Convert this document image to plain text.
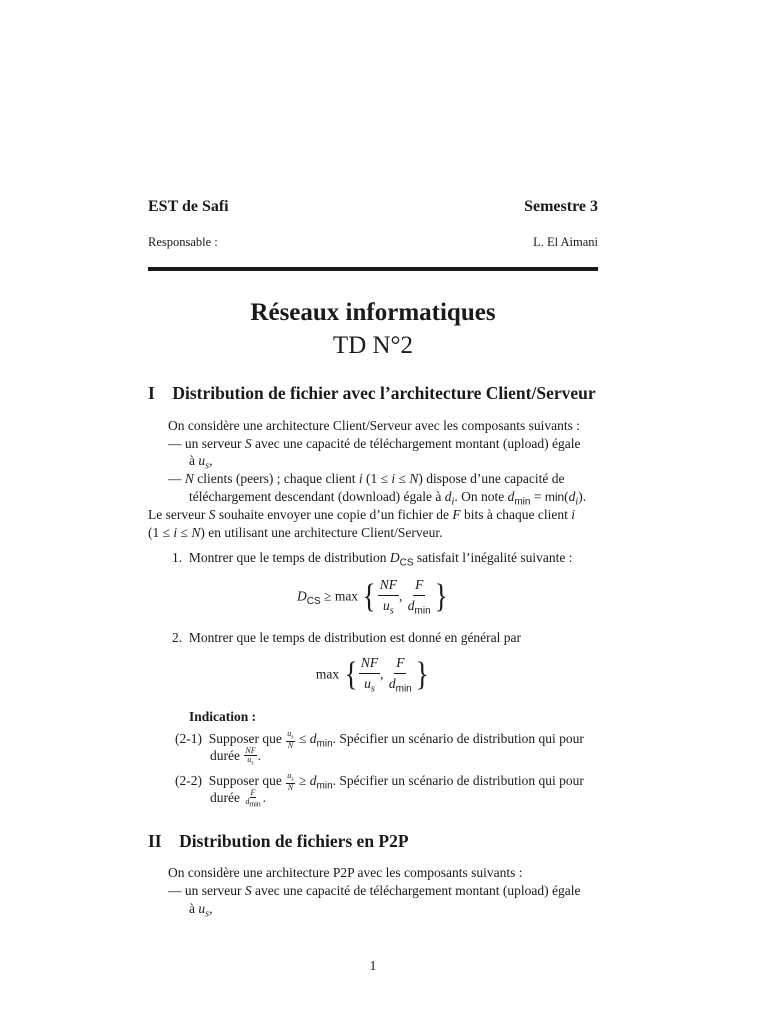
EST de Safi	Semestre 3
Responsable :	L. El Aimani
Réseaux informatiques
TD N°2
I Distribution de fichier avec l’architecture Client/Serveur
On considère une architecture Client/Serveur avec les composants suivants :
— un serveur S avec une capacité de téléchargement montant (upload) égale
à $u_s$,
— N clients (peers) ; chaque client i (1 ≤ i ≤ N) dispose d’une capacité de
téléchargement descendant (download) égale à $d_i$. On note $d_{min} = \min(d_i)$.
Le serveur S souhaite envoyer une copie d’un fichier de F bits à chaque client i
(1 ≤ i ≤ N) en utilisant une architecture Client/Serveur.
1. Montrer que le temps de distribution $D_{CS}$ satisfait l’inégalité suivante :
$D_{CS} \ge \max$ { $\frac{NF}{u_s}$ , $\frac{F}{d_{min}}$ }
2. Montrer que le temps de distribution est donné en général par
max { $\frac{NF}{u_s}$ , $\frac{F}{d_{min}}$ }
Indication :
(2-1) Supposer que $\frac{u_s}{N} \le d_{min}$. Spécifier un scénario de distribution qui pour
durée $\frac{NF}{u_s}$ .
(2-2) Supposer que $\frac{u_s}{N} \ge d_{min}$. Spécifier un scénario de distribution qui pour
durée $\frac{F}{d_{min}}$ .
II Distribution de fichiers en P2P
On considère une architecture P2P avec les composants suivants :
— un serveur S avec une capacité de téléchargement montant (upload) égale
à $u_s$,
1
